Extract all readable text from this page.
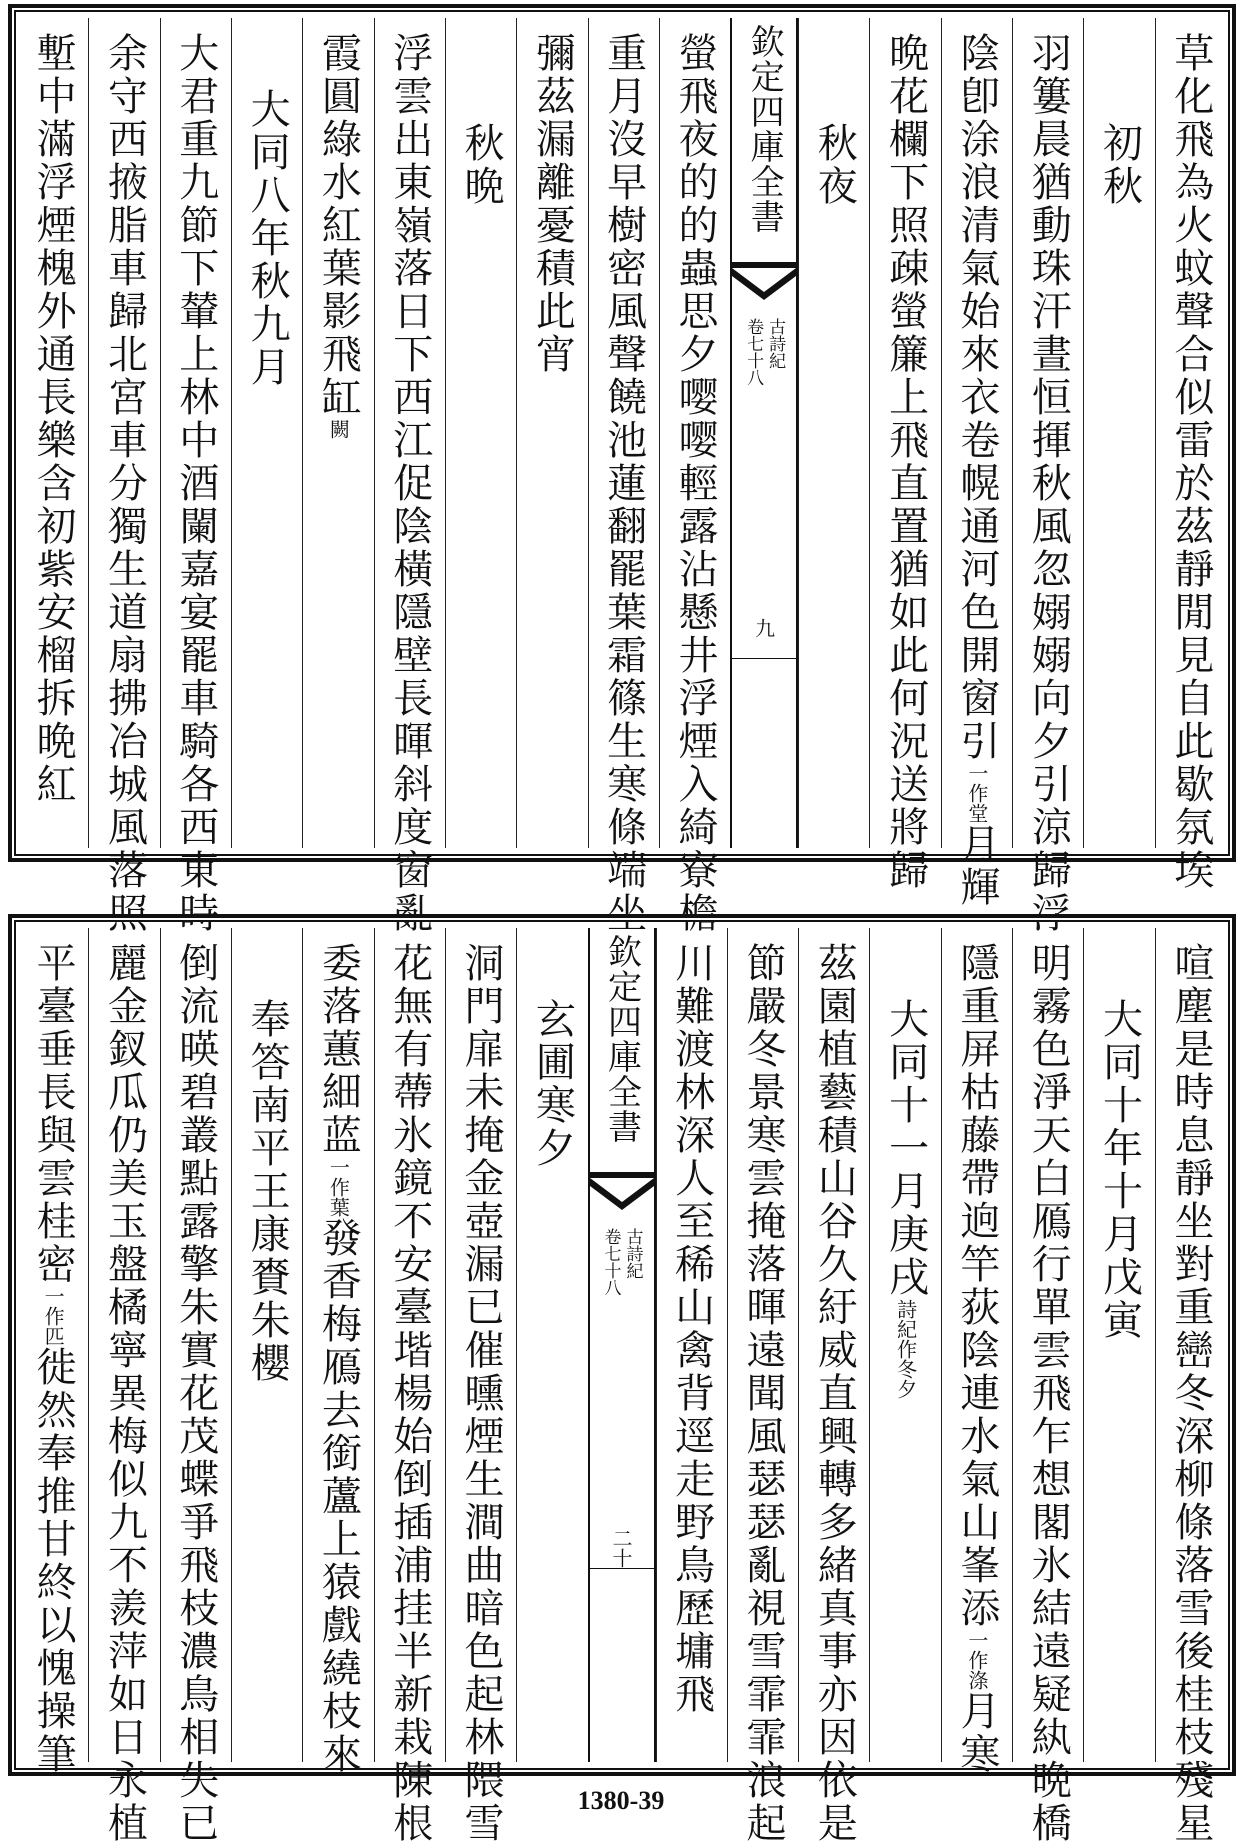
草化飛為火蚊聲合似雷於茲靜閒見自此歇氛埃
初秋
羽簍晨猶動珠汗晝恒揮秋風忽嫋嫋向夕引涼歸浮
陰卽涂浪清氣始來衣卷幌通河色開窗引一作堂月輝
晩花欄下照疎螢簾上飛直置猶如此何況送將歸
秋夜
欽定四庫全書
古詩紀
卷七十八
九
螢飛夜的的蟲思夕嘤嘤輕露沾懸井浮煙入綺寮檐
重月沒早樹密風聲饒池蓮翻罷葉霜篠生寒條端坐
彌茲漏離憂積此宵
秋晩
浮雲出東嶺落日下西江促陰橫隱壁長暉斜度窗亂
霞圓綠水紅葉影飛缸闕
大同八年秋九月
大君重九節下輦上林中酒闌嘉宴罷車騎各西東時
余守西掖脂車歸北宮車分獨生道扇拂冶城風落照
塹中滿浮煙槐外通長樂含初紫安榴拆晩紅
喧塵是時息靜坐對重巒冬深柳條落雪後桂枝殘星
大同十年十月戊寅
明霧色淨天白鴈行單雲飛乍想閣氷結遠疑紈晩橋
隱重屏枯藤帶逈竿荻陰連水氣山峯添一作涤月寒
大同十一月庚戌詩紀作冬夕
茲園植藝積山谷久紆威直興轉多緒真事亦因依是
節嚴冬景寒雲掩落暉遠聞風瑟瑟亂視雪霏霏浪起
川難渡林深人至稀山禽背逕走野鳥歷墉飛
欽定四庫全書
古詩紀
卷七十八
二十
玄圃寒夕
洞門扉未掩金壺漏已催曛煙生澗曲暗色起林隈雪
花無有蔕氷鏡不安臺堦楊始倒插浦挂半新栽陳根
委落蕙細蓝一作葉發香梅鴈去銜蘆上猿戲繞枝來
奉答南平王康賚朱櫻
倒流暎碧叢點露擎朱實花茂蝶爭飛枝濃鳥相失已
麗金釵瓜仍美玉盤橘寧異梅似九不羨萍如日永植
平臺垂長與雲桂密一作匹徙然奉推甘終以愧操筆
1380-39
